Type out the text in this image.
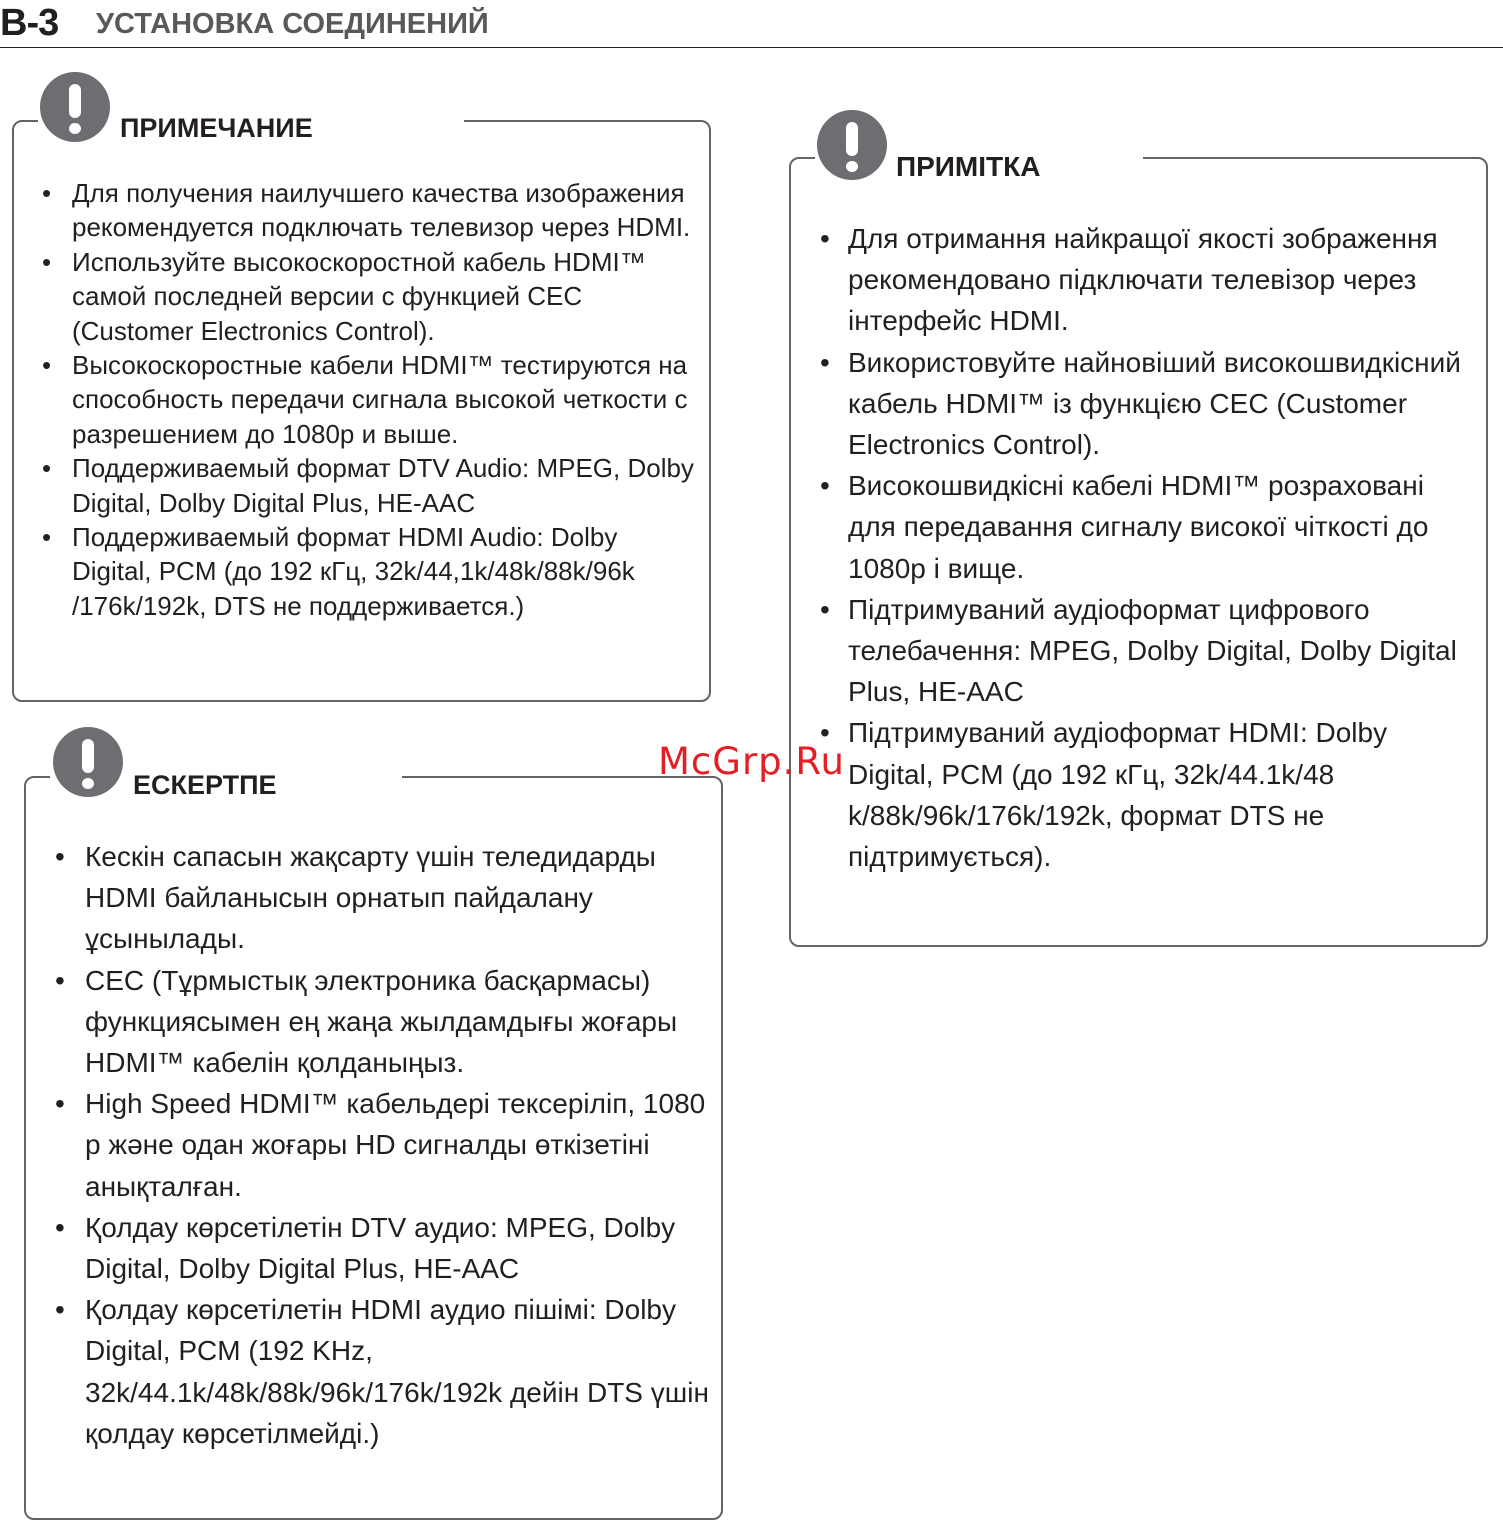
B-3 УСТАНОВКА СОЕДИНЕНИЙ
ПРИМЕЧАНИЕ
• Для получения наилучшего качества изображения рекомендуется подключать телевизор через HDMI.
• Используйте высокоскоростной кабель HDMI™ самой последней версии с функцией CEC (Customer Electronics Control).
• Высокоскоростные кабели HDMI™ тестируются на способность передачи сигнала высокой четкости с разрешением до 1080p и выше.
• Поддерживаемый формат DTV Audio: MPEG, Dolby Digital, Dolby Digital Plus, HE-AAC
• Поддерживаемый формат HDMI Audio: Dolby Digital, PCM (до 192 кГц, 32k/44,1k/48k/88k/96k /176k/192k, DTS не поддерживается.)
ЕСКЕРТПЕ
• Кескін сапасын жақсарту үшін теледидарды HDMI байланысын орнатып пайдалану ұсынылады.
• CEC (Тұрмыстық электроника басқармасы) функциясымен ең жаңа жылдамдығы жоғары HDMI™ кабелін қолданыңыз.
• High Speed HDMI™ кабельдері тексеріліп, 1080 p және одан жоғары HD сигналды өткізетіні анықталған.
• Қолдау көрсетілетін DTV аудио: MPEG, Dolby Digital, Dolby Digital Plus, HE-AAC
• Қолдау көрсетілетін HDMI аудио пішімі: Dolby Digital, PCM (192 KHz, 32k/44.1k/48k/88k/96k/176k/192k дейін DTS үшін қолдау көрсетілмейді.)
ПРИМІТКА
• Для отримання найкращої якості зображення рекомендовано підключати телевізор через інтерфейс HDMI.
• Використовуйте найновіший високошвидкісний кабель HDMI™ із функцією CEC (Customer Electronics Control).
• Високошвидкісні кабелі HDMI™ розраховані для передавання сигналу високої чіткості до 1080p і вище.
• Підтримуваний аудіоформат цифрового телебачення: MPEG, Dolby Digital, Dolby Digital Plus, HE-AAC
• Підтримуваний аудіоформат HDMI: Dolby Digital, PCM (до 192 кГц, 32k/44.1k/48 k/88k/96k/176k/192k, формат DTS не підтримується).
McGrp.Ru
